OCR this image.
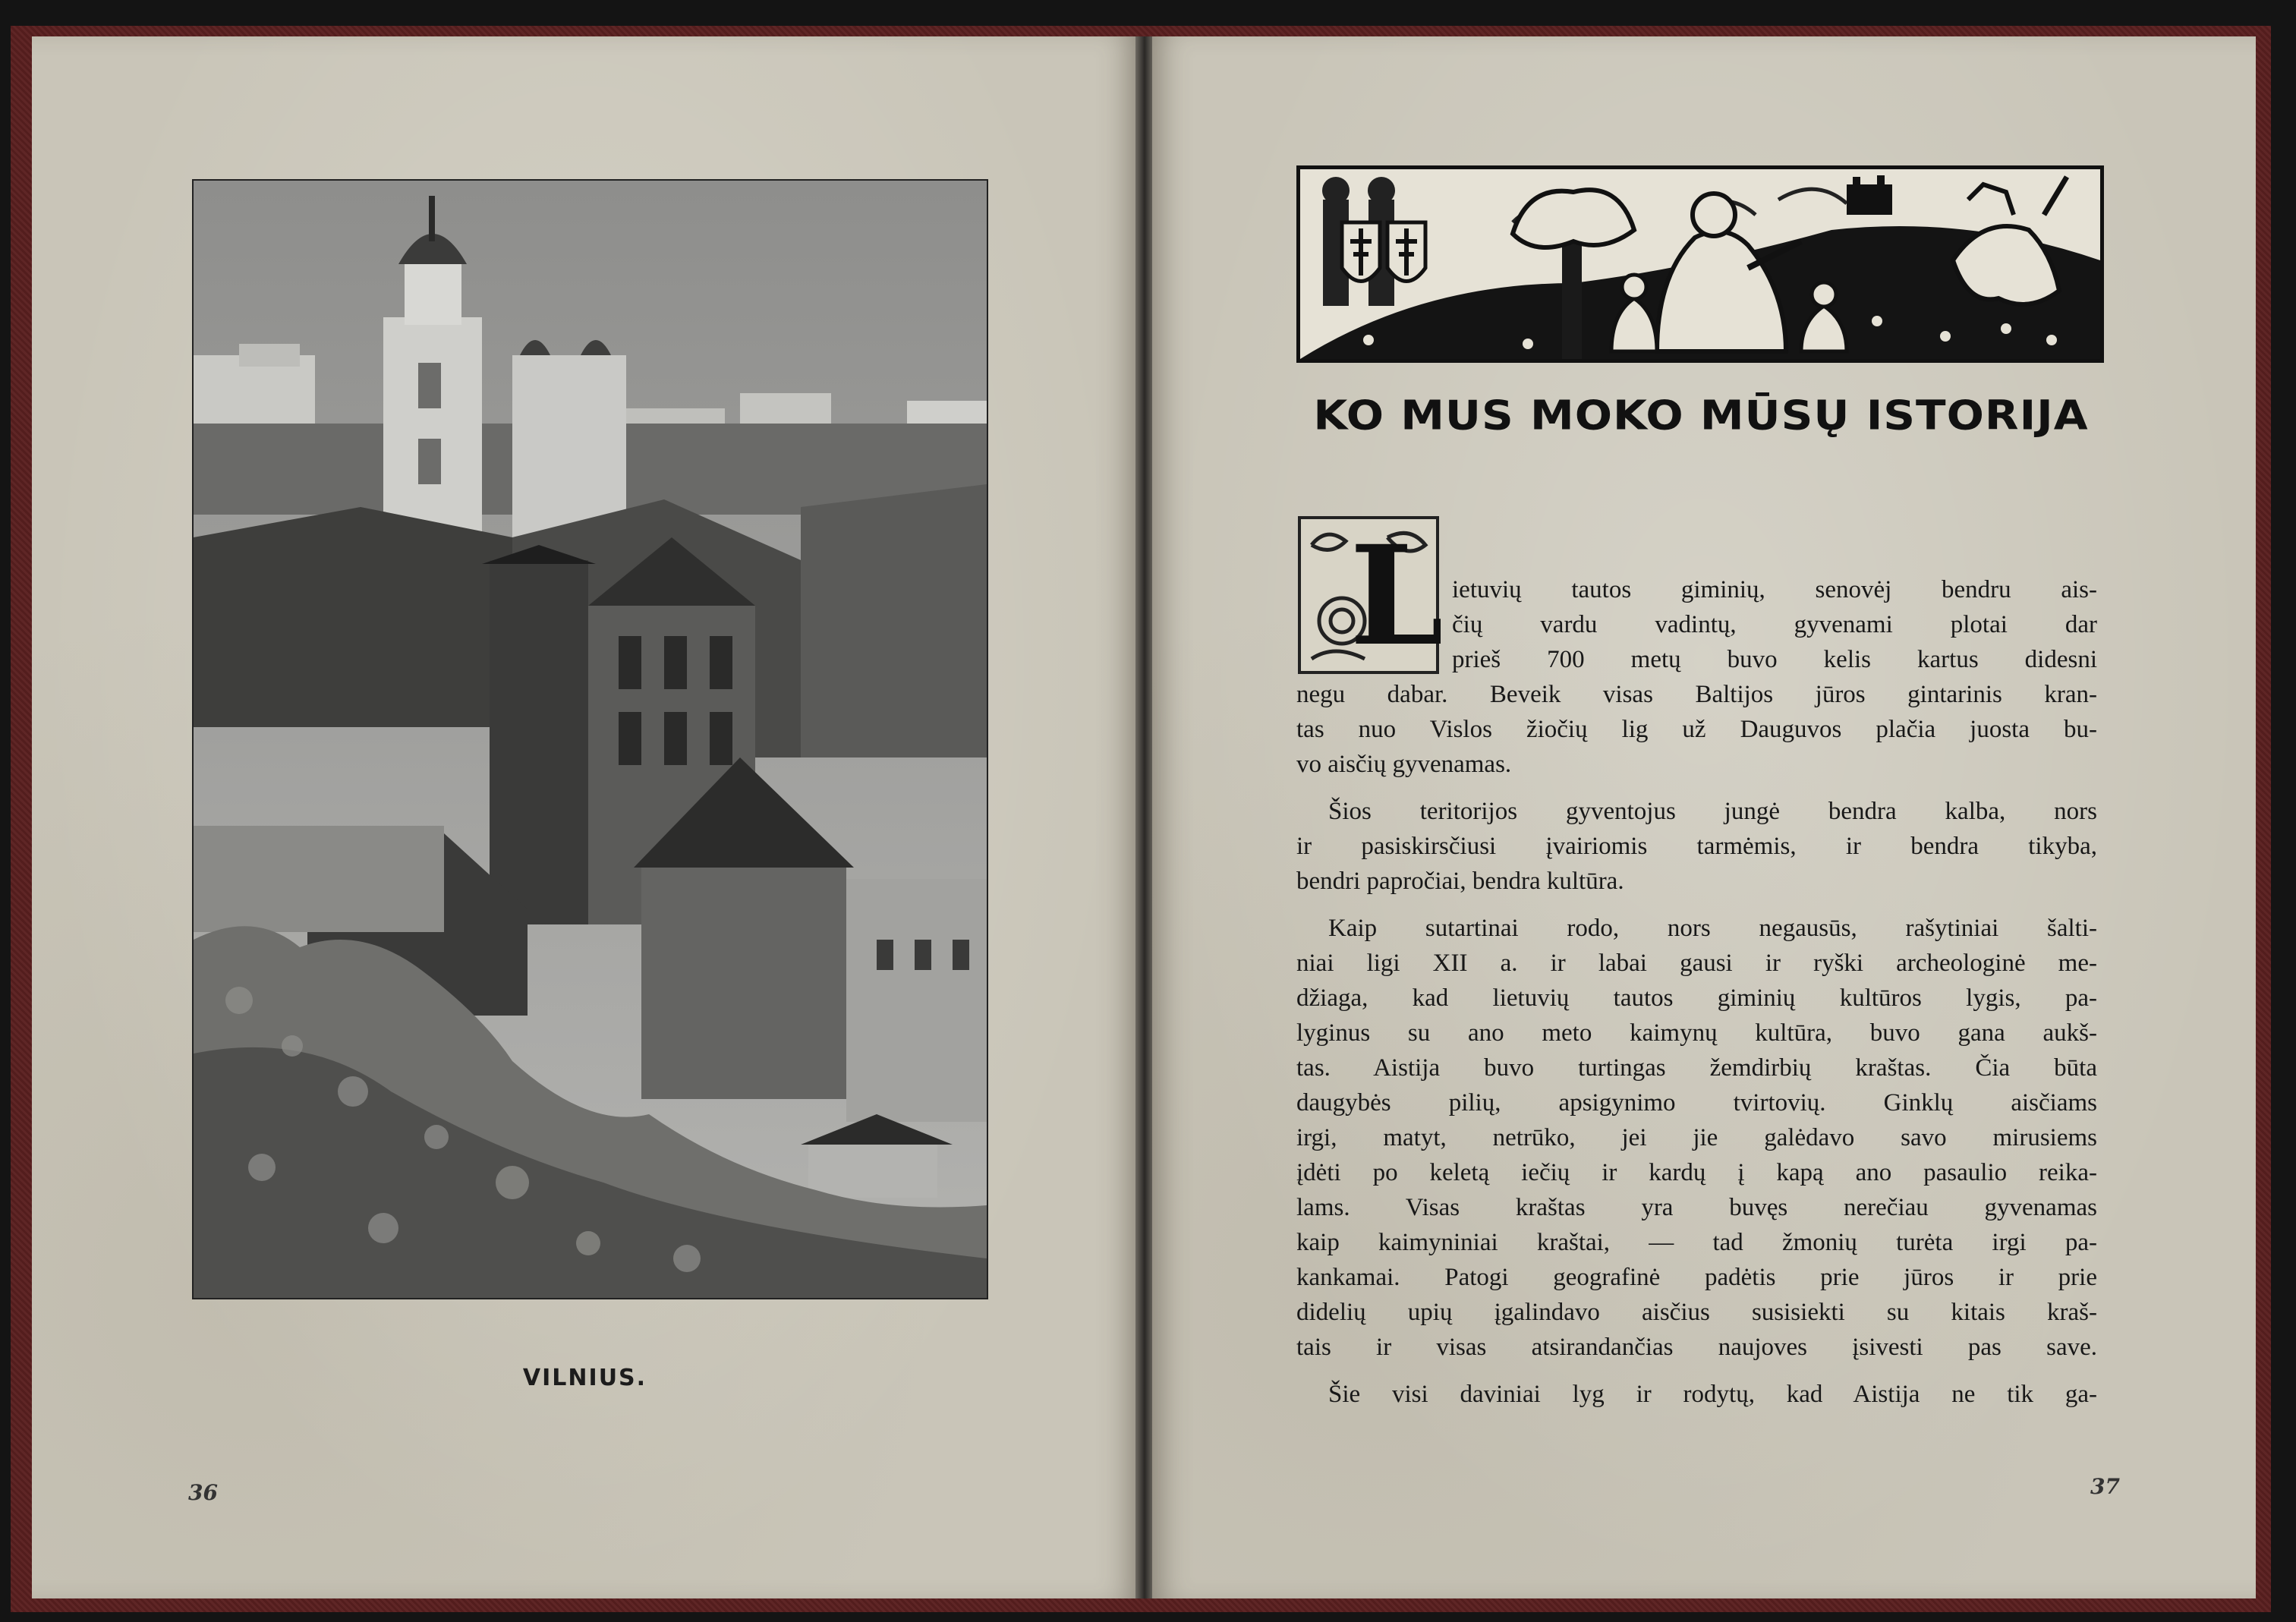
VILNIUS.
36
KO MUS MOKO MŪSŲ ISTORIJA
L ietuvių tautos giminių, senovėj bendru ais-
čių vardu vadintų, gyvenami plotai dar
prieš 700 metų buvo kelis kartus didesni
negu dabar. Beveik visas Baltijos jūros gintarinis kran-
tas nuo Vislos žiočių lig už Dauguvos plačia juosta bu-
vo aisčių gyvenamas.
Šios teritorijos gyventojus jungė bendra kalba, nors
ir pasiskirsčiusi įvairiomis tarmėmis, ir bendra tikyba,
bendri papročiai, bendra kultūra.
Kaip sutartinai rodo, nors negausūs, rašytiniai šalti-
niai ligi XII a. ir labai gausi ir ryški archeologinė me-
džiaga, kad lietuvių tautos giminių kultūros lygis, pa-
lyginus su ano meto kaimynų kultūra, buvo gana aukš-
tas. Aistija buvo turtingas žemdirbių kraštas. Čia būta
daugybės pilių, apsigynimo tvirtovių. Ginklų aisčiams
irgi, matyt, netrūko, jei jie galėdavo savo mirusiems
įdėti po keletą iečių ir kardų į kapą ano pasaulio reika-
lams. Visas kraštas yra buvęs nerečiau gyvenamas
kaip kaimyniniai kraštai, — tad žmonių turėta irgi pa-
kankamai. Patogi geografinė padėtis prie jūros ir prie
didelių upių įgalindavo aisčius susisiekti su kitais kraš-
tais ir visas atsirandančias naujoves įsivesti pas save.
Šie visi daviniai lyg ir rodytų, kad Aistija ne tik ga-
37
